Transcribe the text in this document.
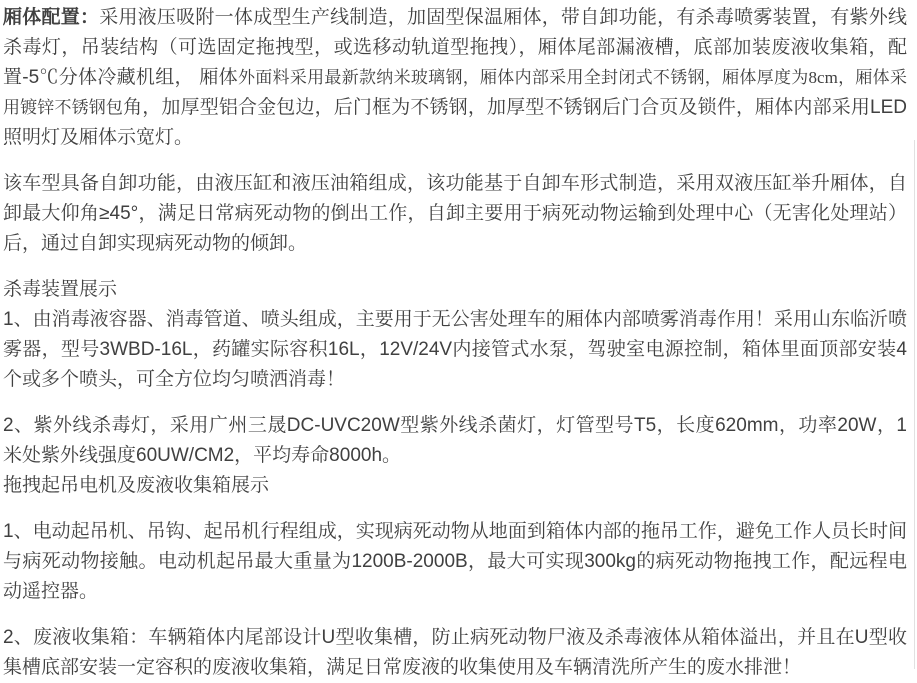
厢体配置：采用液压吸附一体成型生产线制造，加固型保温厢体，带自卸功能，有杀毒喷雾装置，有紫外线杀毒灯，吊装结构（可选固定拖拽型，或选移动轨道型拖拽），厢体尾部漏液槽，底部加装废液收集箱，配置-5℃分体冷藏机组， 厢体外面料采用最新款纳米玻璃钢，厢体内部采用全封闭式不锈钢，厢体厚度为8cm，厢体采用镀锌不锈钢包角，加厚型铝合金包边，后门框为不锈钢，加厚型不锈钢后门合页及锁件，厢体内部采用LED照明灯及厢体示宽灯。

该车型具备自卸功能，由液压缸和液压油箱组成，该功能基于自卸车形式制造，采用双液压缸举升厢体，自卸最大仰角≥45°，满足日常病死动物的倒出工作，自卸主要用于病死动物运输到处理中心（无害化处理站）后，通过自卸实现病死动物的倾卸。

杀毒装置展示
1、由消毒液容器、消毒管道、喷头组成，主要用于无公害处理车的厢体内部喷雾消毒作用！采用山东临沂喷雾器，型号3WBD-16L，药罐实际容积16L，12V/24V内接管式水泵，驾驶室电源控制，箱体里面顶部安装4个或多个喷头，可全方位均匀喷洒消毒！

2、紫外线杀毒灯，采用广州三晟DC-UVC20W型紫外线杀菌灯，灯管型号T5，长度620mm，功率20W，1米处紫外线强度60UW/CM2，平均寿命8000h。
拖拽起吊电机及废液收集箱展示

1、电动起吊机、吊钩、起吊机行程组成，实现病死动物从地面到箱体内部的拖吊工作，避免工作人员长时间与病死动物接触。电动机起吊最大重量为1200B-2000B，最大可实现300kg的病死动物拖拽工作，配远程电动遥控器。

2、废液收集箱：车辆箱体内尾部设计U型收集槽，防止病死动物尸液及杀毒液体从箱体溢出，并且在U型收集槽底部安装一定容积的废液收集箱，满足日常废液的收集使用及车辆清洗所产生的废水排泄！
